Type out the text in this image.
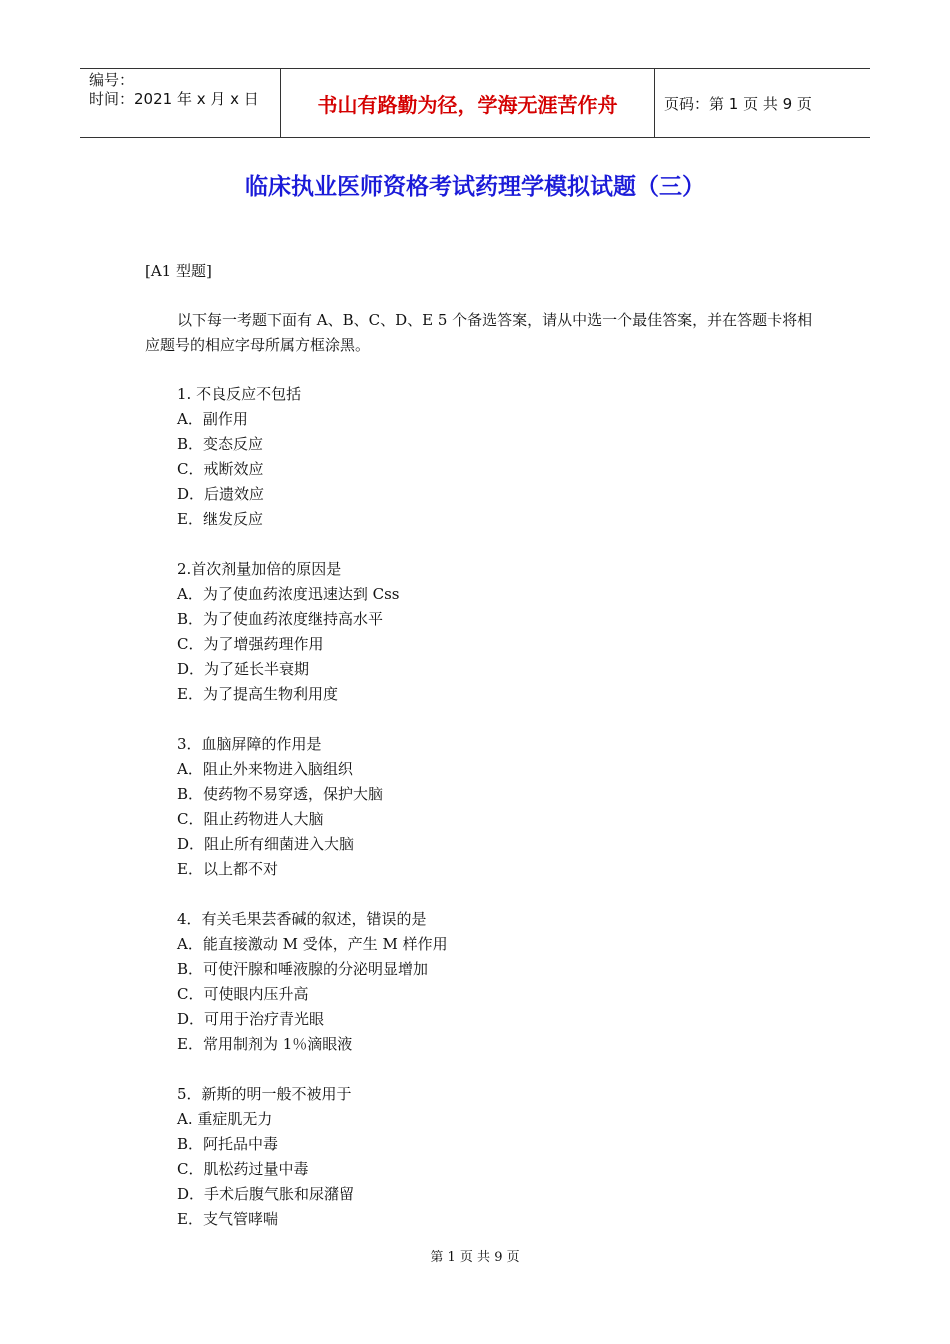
编号：
时间：2021 年 x 月 x 日	书山有路勤为径，学海无涯苦作舟	页码：第 1 页 共 9 页
临床执业医师资格考试药理学模拟试题（三）
[A1 型题]

以下每一考题下面有 A、B、C、D、E 5 个备选答案，请从中选一个最佳答案，并在答题卡将相应题号的相应字母所属方框涂黑。

1. 不良反应不包括
A．副作用
B．变态反应
C．戒断效应
D．后遗效应
E．继发反应
2.首次剂量加倍的原因是
A．为了使血药浓度迅速达到 Css
B．为了使血药浓度继持高水平
C．为了增强药理作用
D．为了延长半衰期
E．为了提高生物利用度
3．血脑屏障的作用是
A．阻止外来物进入脑组织
B．使药物不易穿透，保护大脑
C．阻止药物进人大脑
D．阻止所有细菌进入大脑
E．以上都不对
4．有关毛果芸香碱的叙述，错误的是
A．能直接激动 M 受体，产生 M 样作用
B．可使汗腺和唾液腺的分泌明显增加
C．可使眼内压升高
D．可用于治疗青光眼
E．常用制剂为 1％滴眼液
5．新斯的明一般不被用于
A. 重症肌无力
B．阿托品中毒
C．肌松药过量中毒
D．手术后腹气胀和尿潴留
E．支气管哮喘
第 1 页 共 9 页
